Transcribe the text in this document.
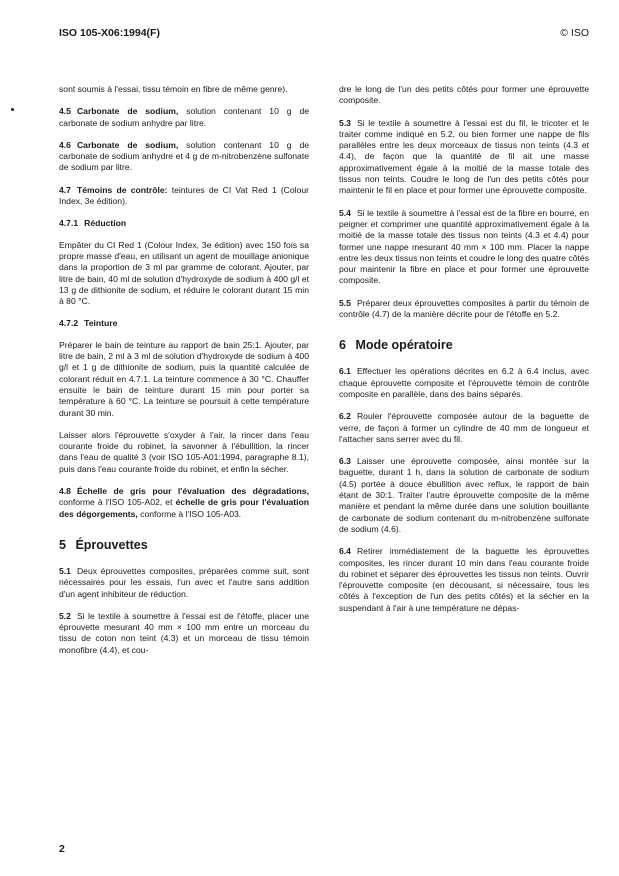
ISO 105-X06:1994(F)	© ISO

sont soumis à l'essai, tissu témoin en fibre de même genre).

4.5 Carbonate de sodium, solution contenant 10 g de carbonate de sodium anhydre par litre.

4.6 Carbonate de sodium, solution contenant 10 g de carbonate de sodium anhydre et 4 g de m-nitrobenzène sulfonate de sodium par litre.

4.7 Témoins de contrôle: teintures de CI Vat Red 1 (Colour Index, 3e édition).

4.7.1 Réduction

Empâter du CI Red 1 (Colour Index, 3e édition) avec 150 fois sa propre masse d'eau, en utilisant un agent de mouillage anionique dans la proportion de 3 ml par gramme de colorant. Ajouter, par litre de bain, 40 ml de solution d'hydroxyde de sodium à 400 g/l et 13 g de dithionite de sodium, et réduire le colorant durant 15 min à 80 °C.

4.7.2 Teinture

Préparer le bain de teinture au rapport de bain 25:1. Ajouter, par litre de bain, 2 ml à 3 ml de solution d'hydroxyde de sodium à 400 g/l et 1 g de dithionite de sodium, puis la quantité calculée de colorant réduit en 4.7.1. La teinture commence à 30 °C. Chauffer ensuite le bain de teinture durant 15 min pour porter sa température à 60 °C. La teinture se poursuit à cette température durant 30 min.

Laisser alors l'éprouvette s'oxyder à l'air, la rincer dans l'eau courante froide du robinet, la savonner à l'ébullition, la rincer dans l'eau de qualité 3 (voir ISO 105-A01:1994, paragraphe 8.1), puis dans l'eau courante froide du robinet, et enfin la sécher.

4.8 Échelle de gris pour l'évaluation des dégradations, conforme à l'ISO 105-A02, et échelle de gris pour l'évaluation des dégorgements, conforme à l'ISO 105-A03.

5 Éprouvettes

5.1 Deux éprouvettes composites, préparées comme suit, sont nécessaires pour les essais, l'un avec et l'autre sans addition d'un agent inhibiteur de réduction.

5.2 Si le textile à soumettre à l'essai est de l'étoffe, placer une éprouvette mesurant 40 mm × 100 mm entre un morceau du tissu de coton non teint (4.3) et un morceau de tissu témoin monofibre (4.4), et cou-

dre le long de l'un des petits côtés pour former une éprouvette composite.

5.3 Si le textile à soumettre à l'essai est du fil, le tricoter et le traiter comme indiqué en 5.2, ou bien former une nappe de fils parallèles entre les deux morceaux de tissus non teints (4.3 et 4.4), de façon que la quantité de fil ait une masse approximativement égale à la moitié de la masse totale des tissus non teints. Coudre le long de l'un des petits côtés pour maintenir le fil en place et pour former une éprouvette composite.

5.4 Si le textile à soumettre à l'essai est de la fibre en bourre, en peigner et comprimer une quantité approximativement égale à la moitié de la masse totale des tissus non teints (4.3 et 4.4) pour former une nappe mesurant 40 mm × 100 mm. Placer la nappe entre les deux tissus non teints et coudre le long des quatre côtés pour maintenir la fibre en place et pour former une éprouvette composite.

5.5 Préparer deux éprouvettes composites à partir du témoin de contrôle (4.7) de la manière décrite pour de l'étoffe en 5.2.

6 Mode opératoire

6.1 Effectuer les opérations décrites en 6.2 à 6.4 inclus, avec chaque éprouvette composite et l'éprouvette témoin de contrôle composite en parallèle, dans des bains séparés.

6.2 Rouler l'éprouvette composée autour de la baguette de verre, de façon à former un cylindre de 40 mm de longueur et l'attacher sans serrer avec du fil.

6.3 Laisser une éprouvette composée, ainsi montée sur la baguette, durant 1 h, dans la solution de carbonate de sodium (4.5) portée à douce ébullition avec reflux, le rapport de bain étant de 30:1. Traiter l'autre éprouvette composite de la même manière et pendant la même durée dans une solution bouillante de carbonate de sodium contenant du m-nitrobenzène sulfonate de sodium (4.6).

6.4 Retirer immédiatement de la baguette les éprouvettes composites, les rincer durant 10 min dans l'eau courante froide du robinet et séparer des éprouvettes les tissus non teints. Ouvrir l'éprouvette composite (en décousant, si nécessaire, tous les côtés à l'exception de l'un des petits côtés) et la sécher en la suspendant à l'air à une température ne dépas-

2
